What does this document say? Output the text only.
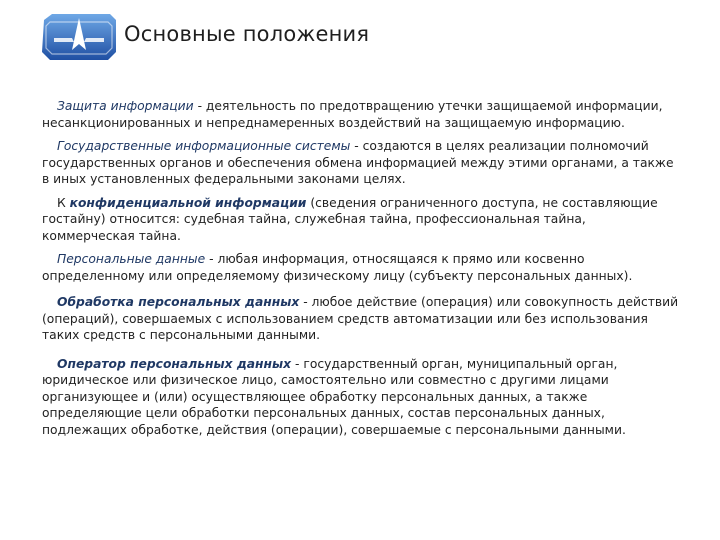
Основные положения

Защита информации - деятельность по предотвращению утечки защищаемой информации, несанкционированных и непреднамеренных воздействий на защищаемую информацию.

Государственные информационные системы - создаются в целях реализации полномочий государственных органов и обеспечения обмена информацией между этими органами, а также в иных установленных федеральными законами целях.

К конфиденциальной информации (сведения ограниченного доступа, не составляющие гостайну) относится: судебная тайна, служебная тайна, профессиональная тайна, коммерческая тайна.

Персональные данные - любая информация, относящаяся к прямо или косвенно определенному или определяемому физическому лицу (субъекту персональных данных).

Обработка персональных данных - любое действие (операция) или совокупность действий (операций), совершаемых с использованием средств автоматизации или без использования таких средств с персональными данными.

Оператор персональных данных - государственный орган, муниципальный орган, юридическое или физическое лицо, самостоятельно или совместно с другими лицами организующее и (или) осуществляющее обработку персональных данных, а также определяющие цели обработки персональных данных, состав персональных данных, подлежащих обработке, действия (операции), совершаемые с персональными данными.
